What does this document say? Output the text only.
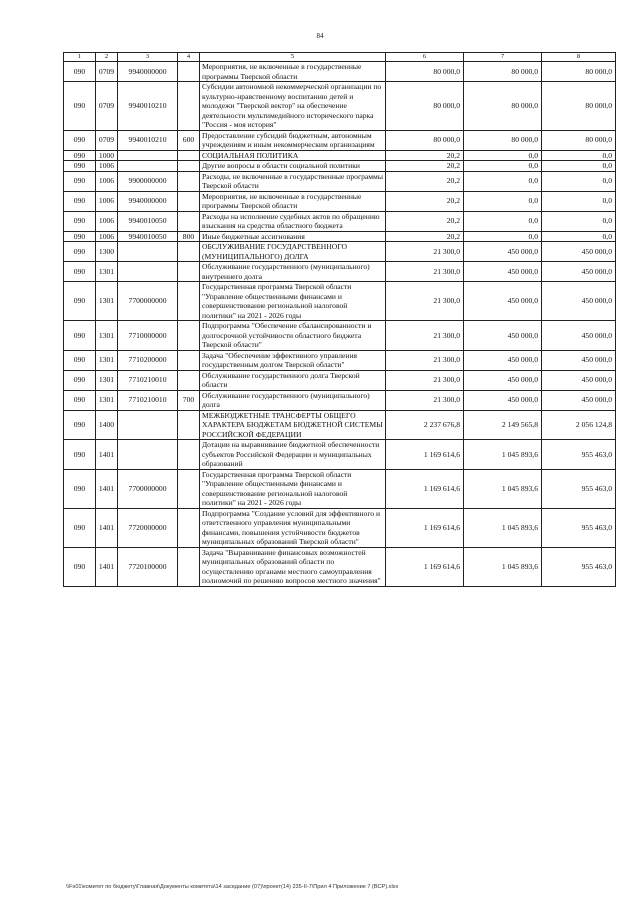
84
1	2	3	4	5	6	7	8
090	0709	9940000000		Мероприятия, не включенные в государственные программы Тверской области	80 000,0	80 000,0	80 000,0
090	0709	9940010210		Субсидии автономной некоммерческой организации по культурно-нравственному воспитанию детей и молодежи "Тверской вектор" на обеспечение деятельности мультимедийного исторического парка "Россия - моя история"	80 000,0	80 000,0	80 000,0
090	0709	9940010210	600	Предоставление субсидий бюджетным, автономным учреждениям и иным некоммерческим организациям	80 000,0	80 000,0	80 000,0
090	1000			СОЦИАЛЬНАЯ ПОЛИТИКА	20,2	0,0	0,0
090	1006			Другие вопросы в области социальной политики	20,2	0,0	0,0
090	1006	9900000000		Расходы, не включенные в государственные программы Тверской области	20,2	0,0	0,0
090	1006	9940000000		Мероприятия, не включенные в государственные программы Тверской области	20,2	0,0	0,0
090	1006	9940010050		Расходы на исполнение судебных актов по обращению взыскания на средства областного бюджета	20,2	0,0	0,0
090	1006	9940010050	800	Иные бюджетные ассигнования	20,2	0,0	0,0
090	1300			ОБСЛУЖИВАНИЕ ГОСУДАРСТВЕННОГО (МУНИЦИПАЛЬНОГО) ДОЛГА	21 300,0	450 000,0	450 000,0
090	1301			Обслуживание государственного (муниципального) внутреннего долга	21 300,0	450 000,0	450 000,0
090	1301	7700000000		Государственная программа Тверской области "Управление общественными финансами и совершенствование региональной налоговой политики" на 2021 - 2026 годы	21 300,0	450 000,0	450 000,0
090	1301	7710000000		Подпрограмма "Обеспечение сбалансированности и долгосрочной устойчивости областного бюджета Тверской области"	21 300,0	450 000,0	450 000,0
090	1301	7710200000		Задача "Обеспечение эффективного управления государственным долгом Тверской области"	21 300,0	450 000,0	450 000,0
090	1301	7710210010		Обслуживание государственного долга Тверской области	21 300,0	450 000,0	450 000,0
090	1301	7710210010	700	Обслуживание государственного (муниципального) долга	21 300,0	450 000,0	450 000,0
090	1400			МЕЖБЮДЖЕТНЫЕ ТРАНСФЕРТЫ ОБЩЕГО ХАРАКТЕРА БЮДЖЕТАМ БЮДЖЕТНОЙ СИСТЕМЫ РОССИЙСКОЙ ФЕДЕРАЦИИ	2 237 676,8	2 149 565,8	2 056 124,8
090	1401			Дотации на выравнивание бюджетной обеспеченности субъектов Российской Федерации и муниципальных образований	1 169 614,6	1 045 893,6	955 463,0
090	1401	7700000000		Государственная программа Тверской области "Управление общественными финансами и совершенствование региональной налоговой политики" на 2021 - 2026 годы	1 169 614,6	1 045 893,6	955 463,0
090	1401	7720000000		Подпрограмма "Создание условий для эффективного и ответственного управления муниципальными финансами, повышения устойчивости бюджетов муниципальных образований Тверской области"	1 169 614,6	1 045 893,6	955 463,0
090	1401	7720100000		Задача "Выравнивание финансовых возможностей муниципальных образований области по осуществлению органами местного самоуправления полномочий по решению вопросов местного значения"	1 169 614,6	1 045 893,6	955 463,0
\\Fs01\комитет по бюджету\Главная\Документы комитета\14 заседание (07)\проект(14) 235-II-7\Прил 4 Приложение 7 (ВСР).xlsx
